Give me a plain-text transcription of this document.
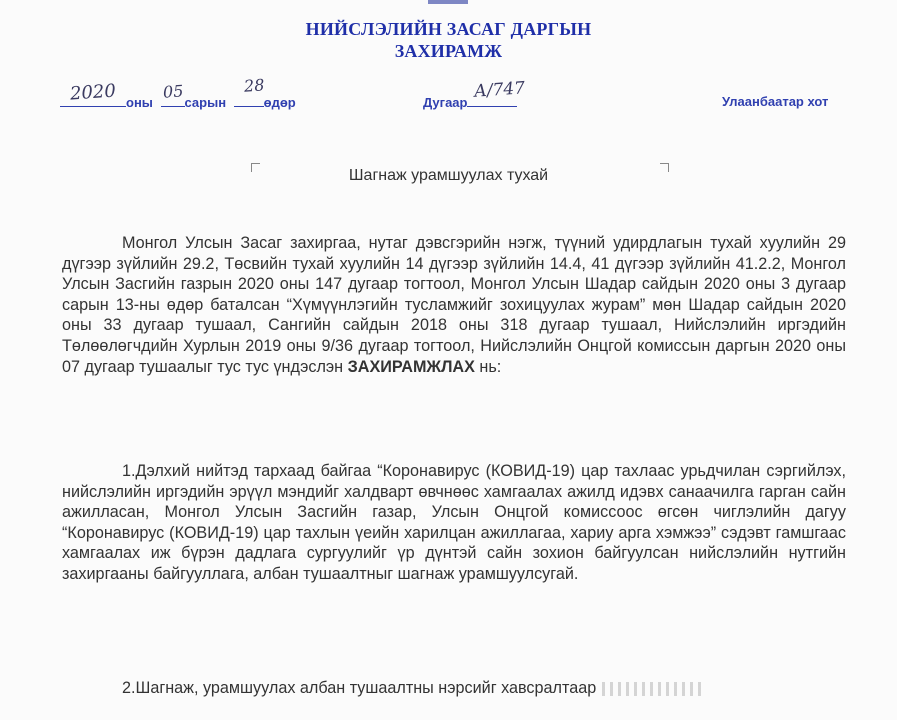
НИЙСЛЭЛИЙН ЗАСАГ ДАРГЫН
ЗАХИРАМЖ
оны сарын	өдөр
2020	05	28
Дугаар
А/747	Улаанбаатар хот
Шагнаж урамшуулах тухай
Монгол Улсын Засаг захиргаа, нутаг дэвсгэрийн нэгж, түүний удирдлагын тухай хуулийн 29 дүгээр зүйлийн 29.2, Төсвийн тухай хуулийн 14 дүгээр зүйлийн 14.4, 41 дүгээр зүйлийн 41.2.2, Монгол Улсын Засгийн газрын 2020 оны 147 дугаар тогтоол, Монгол Улсын Шадар сайдын 2020 оны 3 дугаар сарын 13-ны өдөр баталсан “Хүмүүнлэгийн тусламжийг зохицуулах журам” мөн Шадар сайдын 2020 оны 33 дугаар тушаал, Сангийн сайдын 2018 оны 318 дугаар тушаал, Нийслэлийн иргэдийн Төлөөлөгчдийн Хурлын 2019 оны 9/36 дугаар тогтоол, Нийслэлийн Онцгой комиссын даргын 2020 оны 07 дугаар тушаалыг тус тус үндэслэн ЗАХИРАМЖЛАХ нь:
1.Дэлхий нийтэд тархаад байгаа “Коронавирус (КОВИД-19) цар тахлаас урьдчилан сэргийлэх, нийслэлийн иргэдийн эрүүл мэндийг халдварт өвчнөөс хамгаалах ажилд идэвх санаачилга гарган сайн ажилласан, Монгол Улсын Засгийн газар, Улсын Онцгой комиссоос өгсөн чиглэлийн дагуу “Коронавирус (КОВИД-19) цар тахлын үеийн харилцан ажиллагаа, хариу арга хэмжээ” сэдэвт гамшгаас хамгаалах иж бүрэн дадлага сургуулийг үр дүнтэй сайн зохион байгуулсан нийслэлийн нутгийн захиргааны байгууллага, албан тушаалтныг шагнаж урамшуулсугай.
2.Шагнаж, урамшуулах албан тушаалтны нэрсийг хавсралтаар
